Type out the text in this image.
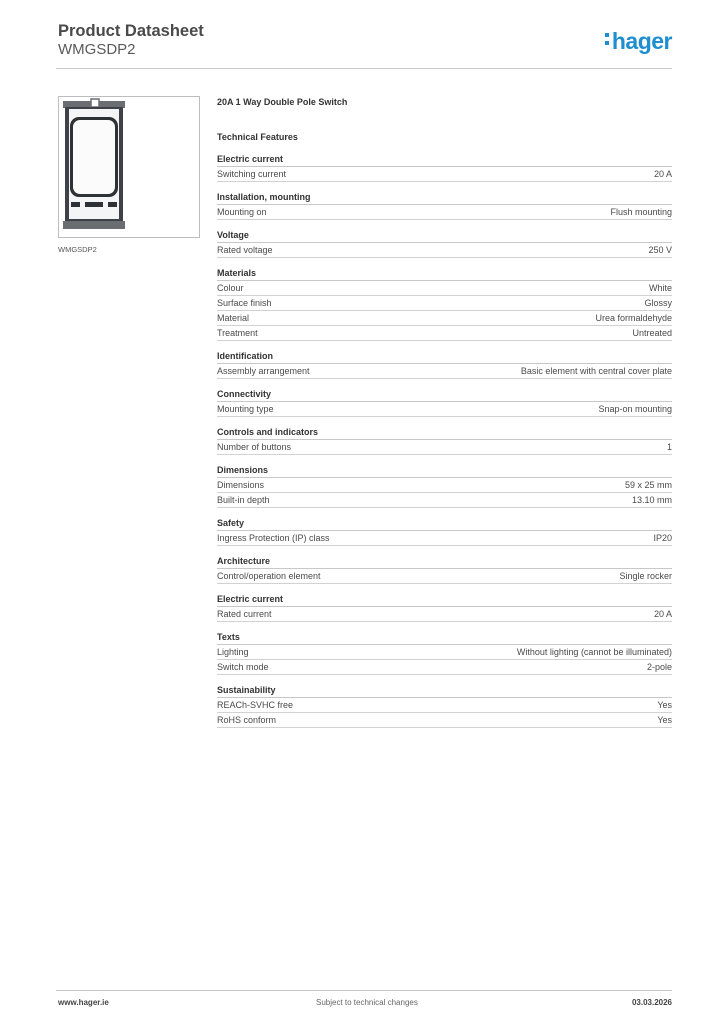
Product Datasheet
WMGSDP2	hager
WMGSDP2
20A 1 Way Double Pole Switch
Technical Features
Electric current
Switching current	20 A
Installation, mounting
Mounting on	Flush mounting
Voltage
Rated voltage	250 V
Materials
Colour	White
Surface finish	Glossy
Material	Urea formaldehyde
Treatment	Untreated
Identification
Assembly arrangement	Basic element with central cover plate
Connectivity
Mounting type	Snap-on mounting
Controls and indicators
Number of buttons	1
Dimensions
Dimensions	59 x 25 mm
Built-in depth	13.10 mm
Safety
Ingress Protection (IP) class	IP20
Architecture
Control/operation element	Single rocker
Electric current
Rated current	20 A
Texts
Lighting	Without lighting (cannot be illuminated)
Switch mode	2-pole
Sustainability
REACh-SVHC free	Yes
RoHS conform	Yes
www.hager.ie	Subject to technical changes	03.03.2026
